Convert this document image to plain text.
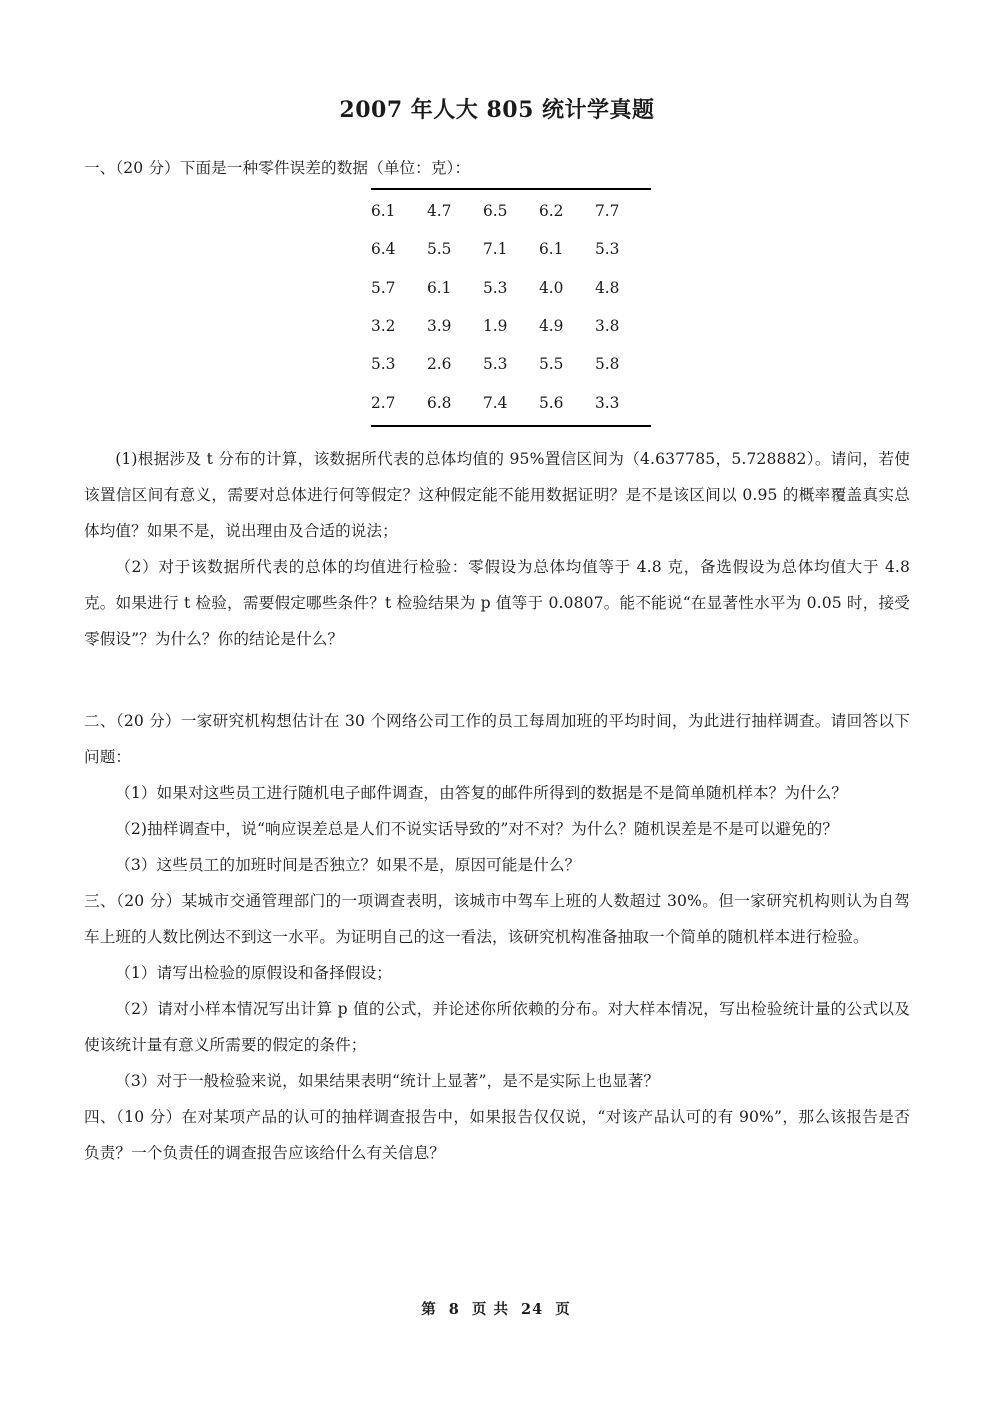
2007 年人大 805 统计学真题

一、（20 分）下面是一种零件误差的数据（单位：克）：

6.1	4.7	6.5	6.2	7.7
6.4	5.5	7.1	6.1	5.3
5.7	6.1	5.3	4.0	4.8
3.2	3.9	1.9	4.9	3.8
5.3	2.6	5.3	5.5	5.8
2.7	6.8	7.4	5.6	3.3

(1)根据涉及 t 分布的计算，该数据所代表的总体均值的 95%置信区间为（4.637785，5.728882）。请问，若使该置信区间有意义，需要对总体进行何等假定？这种假定能不能用数据证明？是不是该区间以 0.95 的概率覆盖真实总体均值？如果不是，说出理由及合适的说法；

（2）对于该数据所代表的总体的均值进行检验：零假设为总体均值等于 4.8 克，备选假设为总体均值大于 4.8 克。如果进行 t 检验，需要假定哪些条件？t 检验结果为 p 值等于 0.0807。能不能说“在显著性水平为 0.05 时，接受零假设”？为什么？你的结论是什么？

二、（20 分）一家研究机构想估计在 30 个网络公司工作的员工每周加班的平均时间，为此进行抽样调查。请回答以下问题：

（1）如果对这些员工进行随机电子邮件调查，由答复的邮件所得到的数据是不是简单随机样本？为什么？

（2)抽样调查中，说“响应误差总是人们不说实话导致的”对不对？为什么？随机误差是不是可以避免的？

（3）这些员工的加班时间是否独立？如果不是，原因可能是什么？

三、（20 分）某城市交通管理部门的一项调查表明，该城市中驾车上班的人数超过 30%。但一家研究机构则认为自驾车上班的人数比例达不到这一水平。为证明自己的这一看法，该研究机构准备抽取一个简单的随机样本进行检验。

（1）请写出检验的原假设和备择假设；

（2）请对小样本情况写出计算 p 值的公式，并论述你所依赖的分布。对大样本情况，写出检验统计量的公式以及使该统计量有意义所需要的假定的条件；

（3）对于一般检验来说，如果结果表明“统计上显著”，是不是实际上也显著？

四、（10 分）在对某项产品的认可的抽样调查报告中，如果报告仅仅说，“对该产品认可的有 90%”，那么该报告是否负责？一个负责任的调查报告应该给什么有关信息？

第 8 页 共 24 页
